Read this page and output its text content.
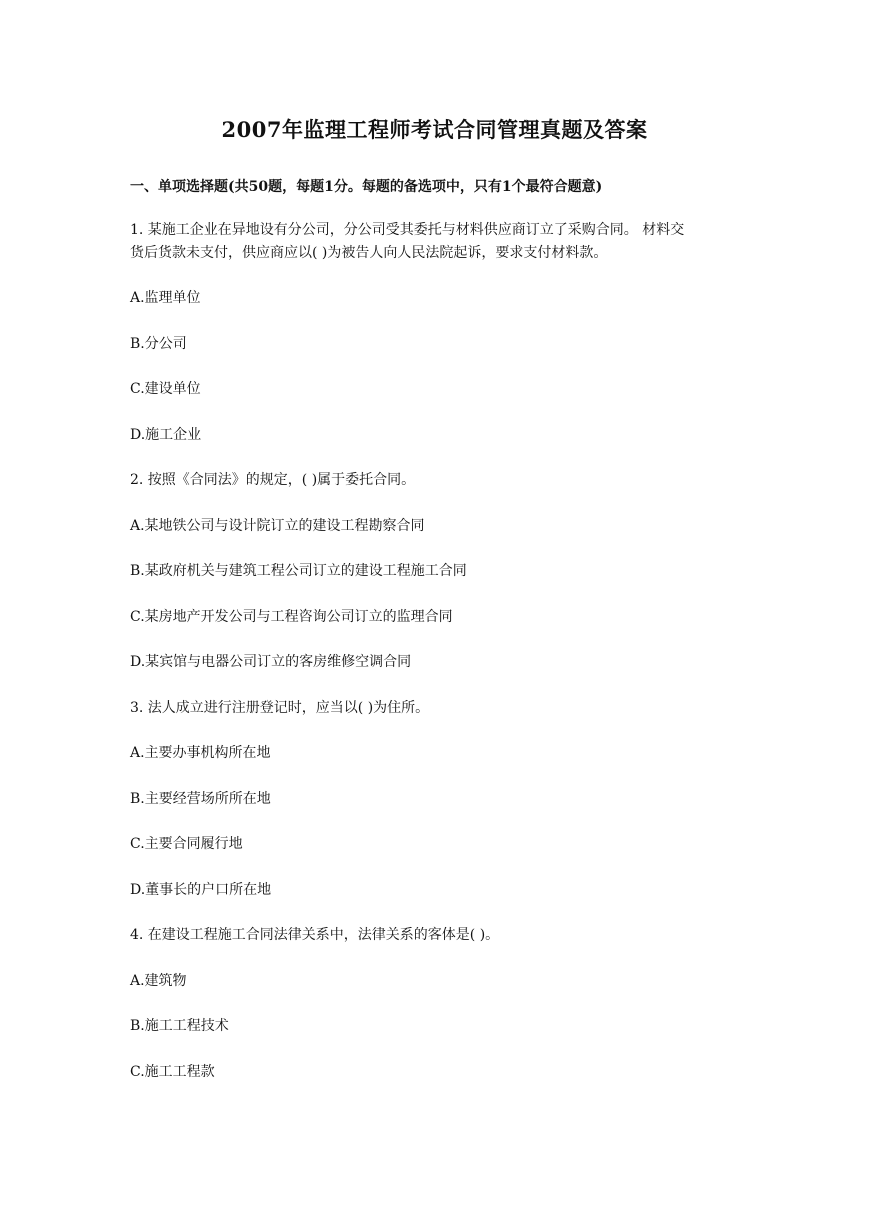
2007年监理工程师考试合同管理真题及答案
一、单项选择题(共50题，每题1分。每题的备选项中，只有1个最符合题意)
1. 某施工企业在异地设有分公司，分公司受其委托与材料供应商订立了采购合同。 材料交
货后货款未支付，供应商应以( )为被告人向人民法院起诉，要求支付材料款。
A.监理单位
B.分公司
C.建设单位
D.施工企业
2. 按照《合同法》的规定，( )属于委托合同。
A.某地铁公司与设计院订立的建设工程勘察合同
B.某政府机关与建筑工程公司订立的建设工程施工合同
C.某房地产开发公司与工程咨询公司订立的监理合同
D.某宾馆与电器公司订立的客房维修空调合同
3. 法人成立进行注册登记时，应当以( )为住所。
A.主要办事机构所在地
B.主要经营场所所在地
C.主要合同履行地
D.董事长的户口所在地
4. 在建设工程施工合同法律关系中，法律关系的客体是( )。
A.建筑物
B.施工工程技术
C.施工工程款
